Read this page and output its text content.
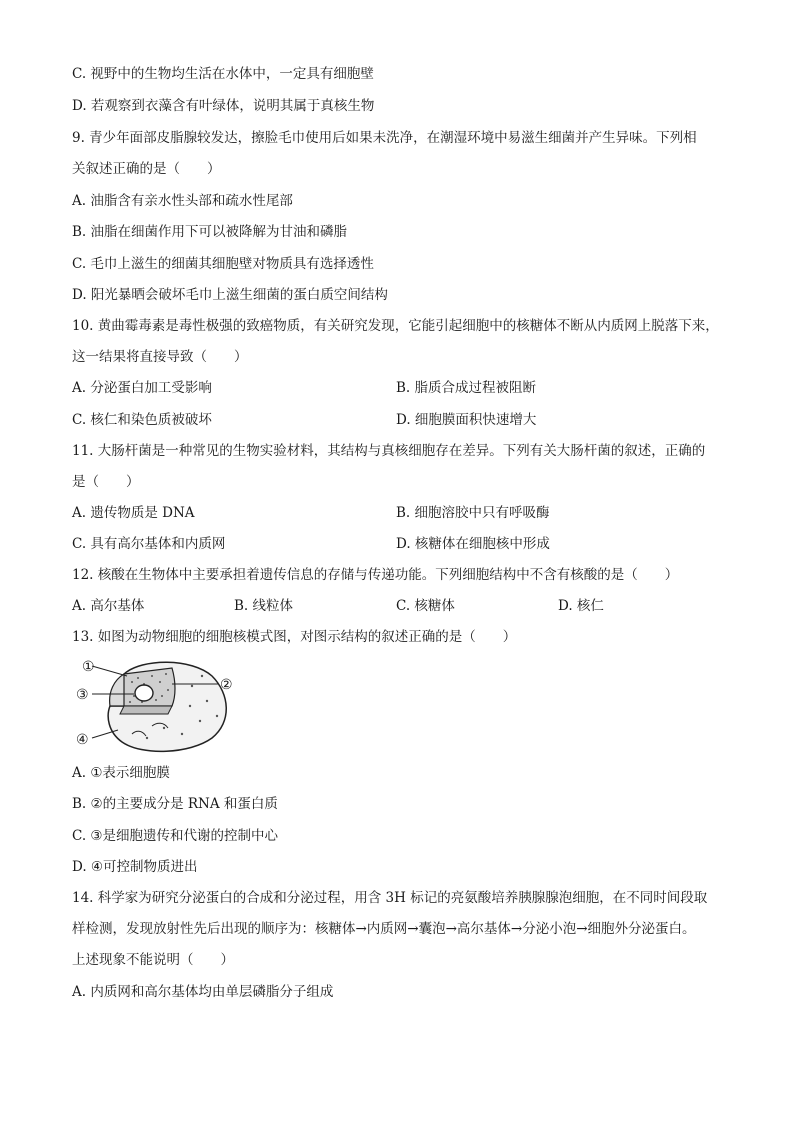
C. 视野中的生物均生活在水体中，一定具有细胞壁
D. 若观察到衣藻含有叶绿体，说明其属于真核生物
9. 青少年面部皮脂腺较发达，擦脸毛巾使用后如果未洗净，在潮湿环境中易滋生细菌并产生异味。下列相
关叙述正确的是（　　）
A. 油脂含有亲水性头部和疏水性尾部
B. 油脂在细菌作用下可以被降解为甘油和磷脂
C. 毛巾上滋生的细菌其细胞壁对物质具有选择透性
D. 阳光暴晒会破坏毛巾上滋生细菌的蛋白质空间结构
10. 黄曲霉毒素是毒性极强的致癌物质，有关研究发现，它能引起细胞中的核糖体不断从内质网上脱落下来，
这一结果将直接导致（　　）
A. 分泌蛋白加工受影响	B. 脂质合成过程被阻断
C. 核仁和染色质被破坏	D. 细胞膜面积快速增大
11. 大肠杆菌是一种常见的生物实验材料，其结构与真核细胞存在差异。下列有关大肠杆菌的叙述，正确的
是（　　）
A. 遗传物质是 DNA	B. 细胞溶胶中只有呼吸酶
C. 具有高尔基体和内质网	D. 核糖体在细胞核中形成
12. 核酸在生物体中主要承担着遗传信息的存储与传递功能。下列细胞结构中不含有核酸的是（　　）
A. 高尔基体	B. 线粒体	C. 核糖体	D. 核仁
13. 如图为动物细胞的细胞核模式图，对图示结构的叙述正确的是（　　）
①
②
③
④
A. ①表示细胞膜
B. ②的主要成分是 RNA 和蛋白质
C. ③是细胞遗传和代谢的控制中心
D. ④可控制物质进出
14. 科学家为研究分泌蛋白的合成和分泌过程，用含 3H 标记的亮氨酸培养胰腺腺泡细胞，在不同时间段取
样检测，发现放射性先后出现的顺序为：核糖体→内质网→囊泡→高尔基体→分泌小泡→细胞外分泌蛋白。
上述现象不能说明（　　）
A. 内质网和高尔基体均由单层磷脂分子组成
